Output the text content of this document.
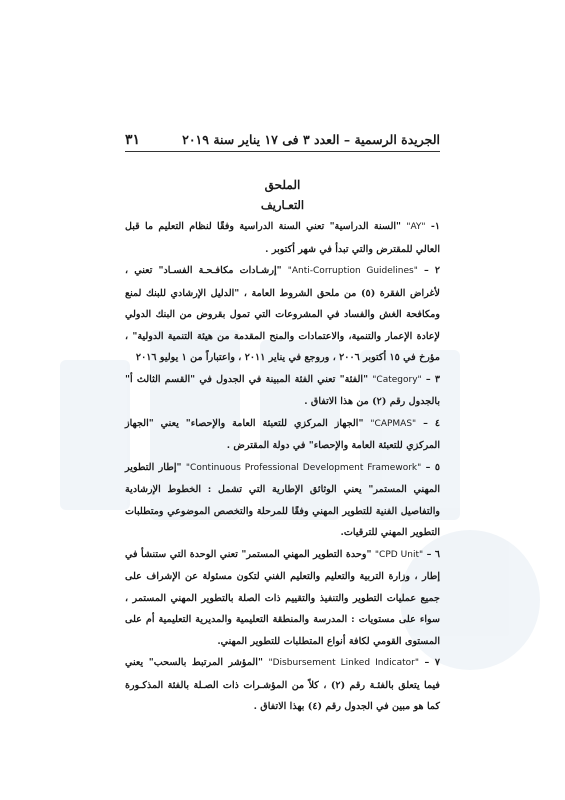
الجريدة الرسمية – العدد ٣ فى ١٧ يناير سنة ٢٠١٩
٣١
الملحق
التعـاريف

١- "AY" "السنة الدراسية" تعني السنة الدراسية وفقًا لنظام التعليم ما قبل العالي للمقترض والتي تبدأ في شهر أكتوبر .

٢ – "Anti-Corruption Guidelines" "إرشـادات مكافـحـة الفسـاد" تعني ، لأغراض الفقرة (٥) من ملحق الشروط العامة ، "الدليل الإرشادي للبنك لمنع ومكافحة الغش والفساد في المشروعات التي تمول بقروض من البنك الدولي لإعادة الإعمار والتنمية، والاعتمادات والمنح المقدمة من هيئة التنمية الدولية" ، مؤرخ في ١٥ أكتوبر ٢٠٠٦ ، وروجع في يناير ٢٠١١ ، واعتباراً من ١ يوليو ٢٠١٦

٣ – "Category" "الفئة" تعني الفئة المبينة في الجدول في "القسم الثالث أ" بالجدول رقم (٢) من هذا الاتفاق .

٤ – "CAPMAS" "الجهاز المركزي للتعبئة العامة والإحصاء" يعني "الجهاز المركزي للتعبئة العامة والإحصاء" في دولة المقترض .

٥ – "Continuous Professional Development Framework" "إطار التطوير المهني المستمر" يعني الوثائق الإطارية التي تشمل : الخطوط الإرشادية والتفاصيل الفنية للتطوير المهني وفقًا للمرحلة والتخصص الموضوعي ومتطلبات التطوير المهني للترقيات.

٦ – "CPD Unit" "وحدة التطوير المهني المستمر" تعني الوحدة التي ستنشأ في إطار ، وزارة التربية والتعليم والتعليم الفني لتكون مسئولة عن الإشراف على جميع عمليات التطوير والتنفيذ والتقييم ذات الصلة بالتطوير المهني المستمر ، سواء على مستويات : المدرسة والمنطقة التعليمية والمديرية التعليمية أم على المستوى القومي لكافة أنواع المتطلبات للتطوير المهني.

٧ – "Disbursement Linked Indicator" "المؤشر المرتبط بالسحب" يعني فيما يتعلق بالفئـة رقم (٢) ، كلاً من المؤشـرات ذات الصـلة بالفئة المذكـورة كما هو مبين في الجدول رقم (٤) بهذا الاتفاق .
